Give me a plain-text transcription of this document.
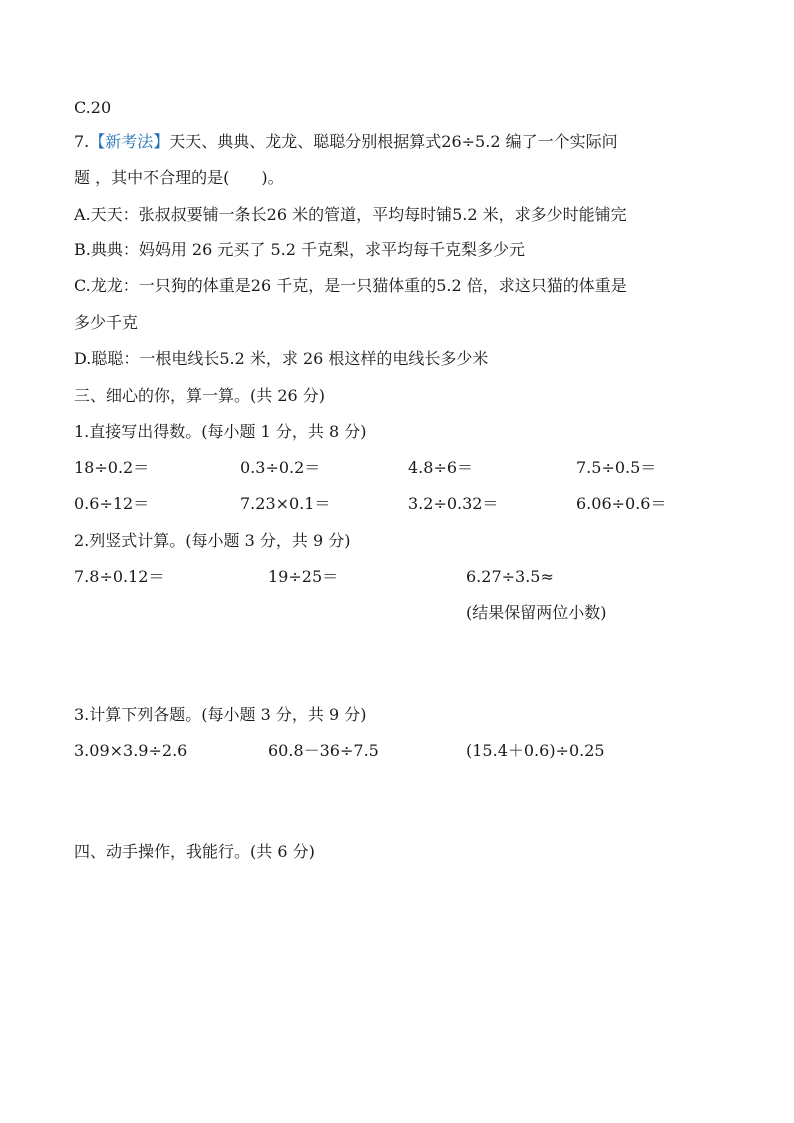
C.20
7.【新考法】天天、典典、龙龙、聪聪分别根据算式26÷5.2 编了一个实际问
题 ，其中不合理的是(　　)。
A.天天：张叔叔要铺一条长26 米的管道，平均每时铺5.2 米，求多少时能铺完
B.典典：妈妈用 26 元买了 5.2 千克梨，求平均每千克梨多少元
C.龙龙：一只狗的体重是26 千克，是一只猫体重的5.2 倍，求这只猫的体重是
多少千克
D.聪聪：一根电线长5.2 米，求 26 根这样的电线长多少米
三、细心的你，算一算。(共 26 分)
1.直接写出得数。(每小题 1 分，共 8 分)
18÷0.2＝	0.3÷0.2＝	4.8÷6＝	7.5÷0.5＝
0.6÷12＝	7.23×0.1＝	3.2÷0.32＝	6.06÷0.6＝
2.列竖式计算。(每小题 3 分，共 9 分)
7.8÷0.12＝	19÷25＝	6.27÷3.5≈
(结果保留两位小数)
3.计算下列各题。(每小题 3 分，共 9 分)
3.09×3.9÷2.6	60.8－36÷7.5	(15.4＋0.6)÷0.25
四、动手操作，我能行。(共 6 分)
